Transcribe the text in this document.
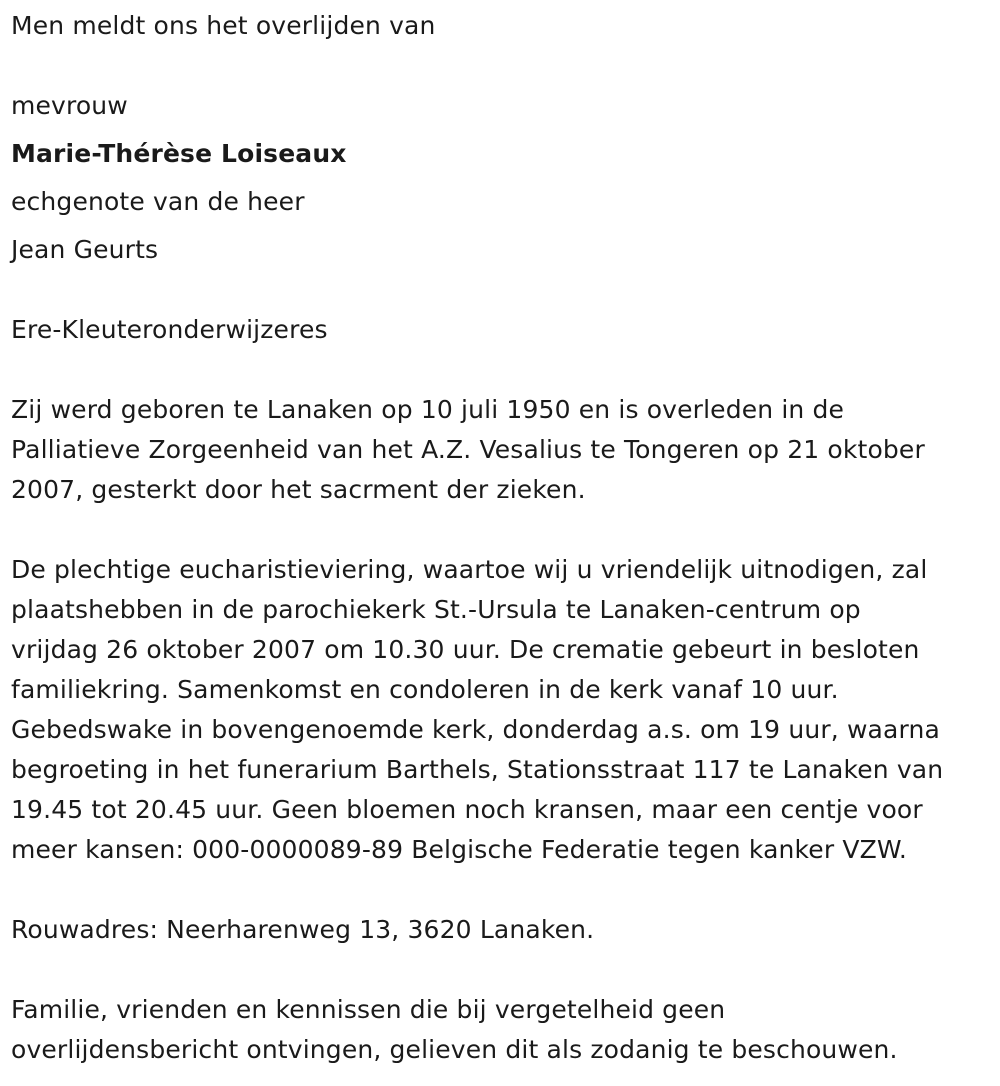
Men meldt ons het overlijden van
mevrouw
Marie-Thérèse Loiseaux
echgenote van de heer
Jean Geurts
Ere-Kleuteronderwijzeres
Zij werd geboren te Lanaken op 10 juli 1950 en is overleden in de
Palliatieve Zorgeenheid van het A.Z. Vesalius te Tongeren op 21 oktober
2007, gesterkt door het sacrment der zieken.
De plechtige eucharistieviering, waartoe wij u vriendelijk uitnodigen, zal
plaatshebben in de parochiekerk St.-Ursula te Lanaken-centrum op
vrijdag 26 oktober 2007 om 10.30 uur. De crematie gebeurt in besloten
familiekring. Samenkomst en condoleren in de kerk vanaf 10 uur.
Gebedswake in bovengenoemde kerk, donderdag a.s. om 19 uur, waarna
begroeting in het funerarium Barthels, Stationsstraat 117 te Lanaken van
19.45 tot 20.45 uur. Geen bloemen noch kransen, maar een centje voor
meer kansen: 000-0000089-89 Belgische Federatie tegen kanker VZW.
Rouwadres: Neerharenweg 13, 3620 Lanaken.
Familie, vrienden en kennissen die bij vergetelheid geen
overlijdensbericht ontvingen, gelieven dit als zodanig te beschouwen.
